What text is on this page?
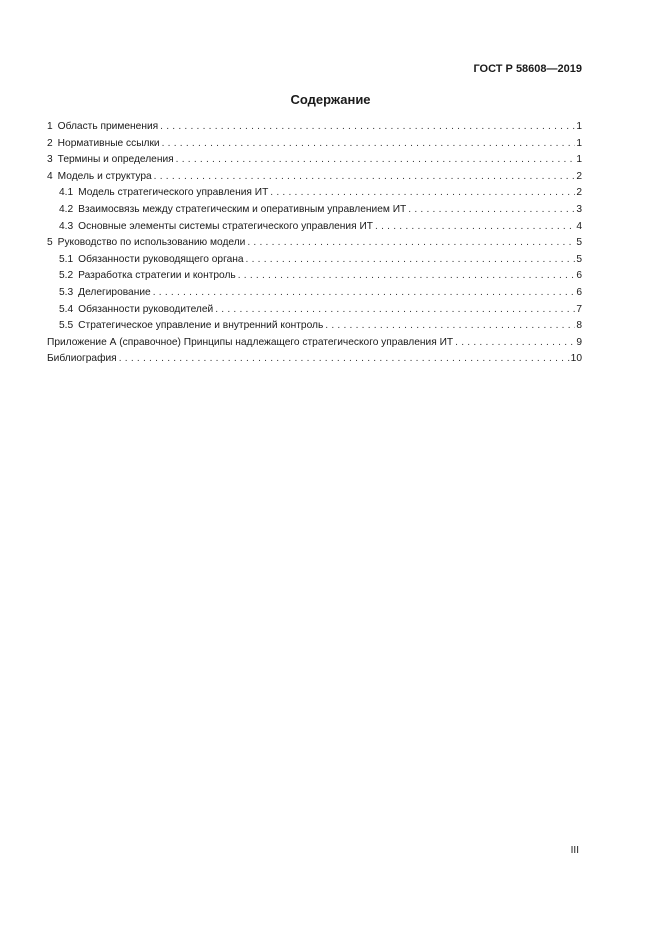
ГОСТ Р 58608—2019
Содержание
1 Область применения . . .	1
2 Нормативные ссылки . . .	1
3 Термины и определения . . .	1
4 Модель и структура . . .	2
4.1 Модель стратегического управления ИТ . . .	2
4.2 Взаимосвязь между стратегическим и оперативным управлением ИТ . . .	3
4.3 Основные элементы системы стратегического управления ИТ . . .	4
5 Руководство по использованию модели . . .	5
5.1 Обязанности руководящего органа . . .	5
5.2 Разработка стратегии и контроль . . .	6
5.3 Делегирование . . .	6
5.4 Обязанности руководителей . . .	7
5.5 Стратегическое управление и внутренний контроль . . .	8
Приложение А (справочное) Принципы надлежащего стратегического управления ИТ . . .	9
Библиография . . .	10
III
